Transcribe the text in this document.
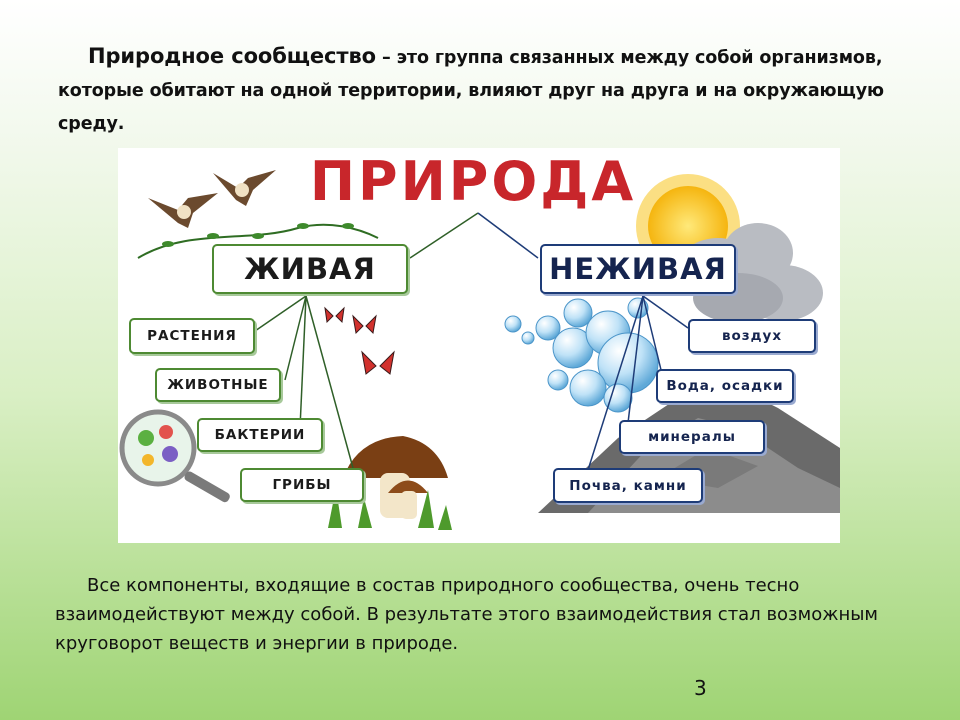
Природное сообщество – это группа связанных между собой организмов, которые обитают на одной территории, влияют друг на друга и на окружающую среду.
ПРИРОДА
ЖИВАЯ	НЕЖИВАЯ
РАСТЕНИЯ
ЖИВОТНЫЕ
БАКТЕРИИ
ГРИБЫ
воздух
Вода, осадки
минералы
Почва, камни
Все компоненты, входящие в состав природного сообщества, очень тесно взаимодействуют между собой. В результате этого взаимодействия стал возможным круговорот веществ и энергии в природе.
3
